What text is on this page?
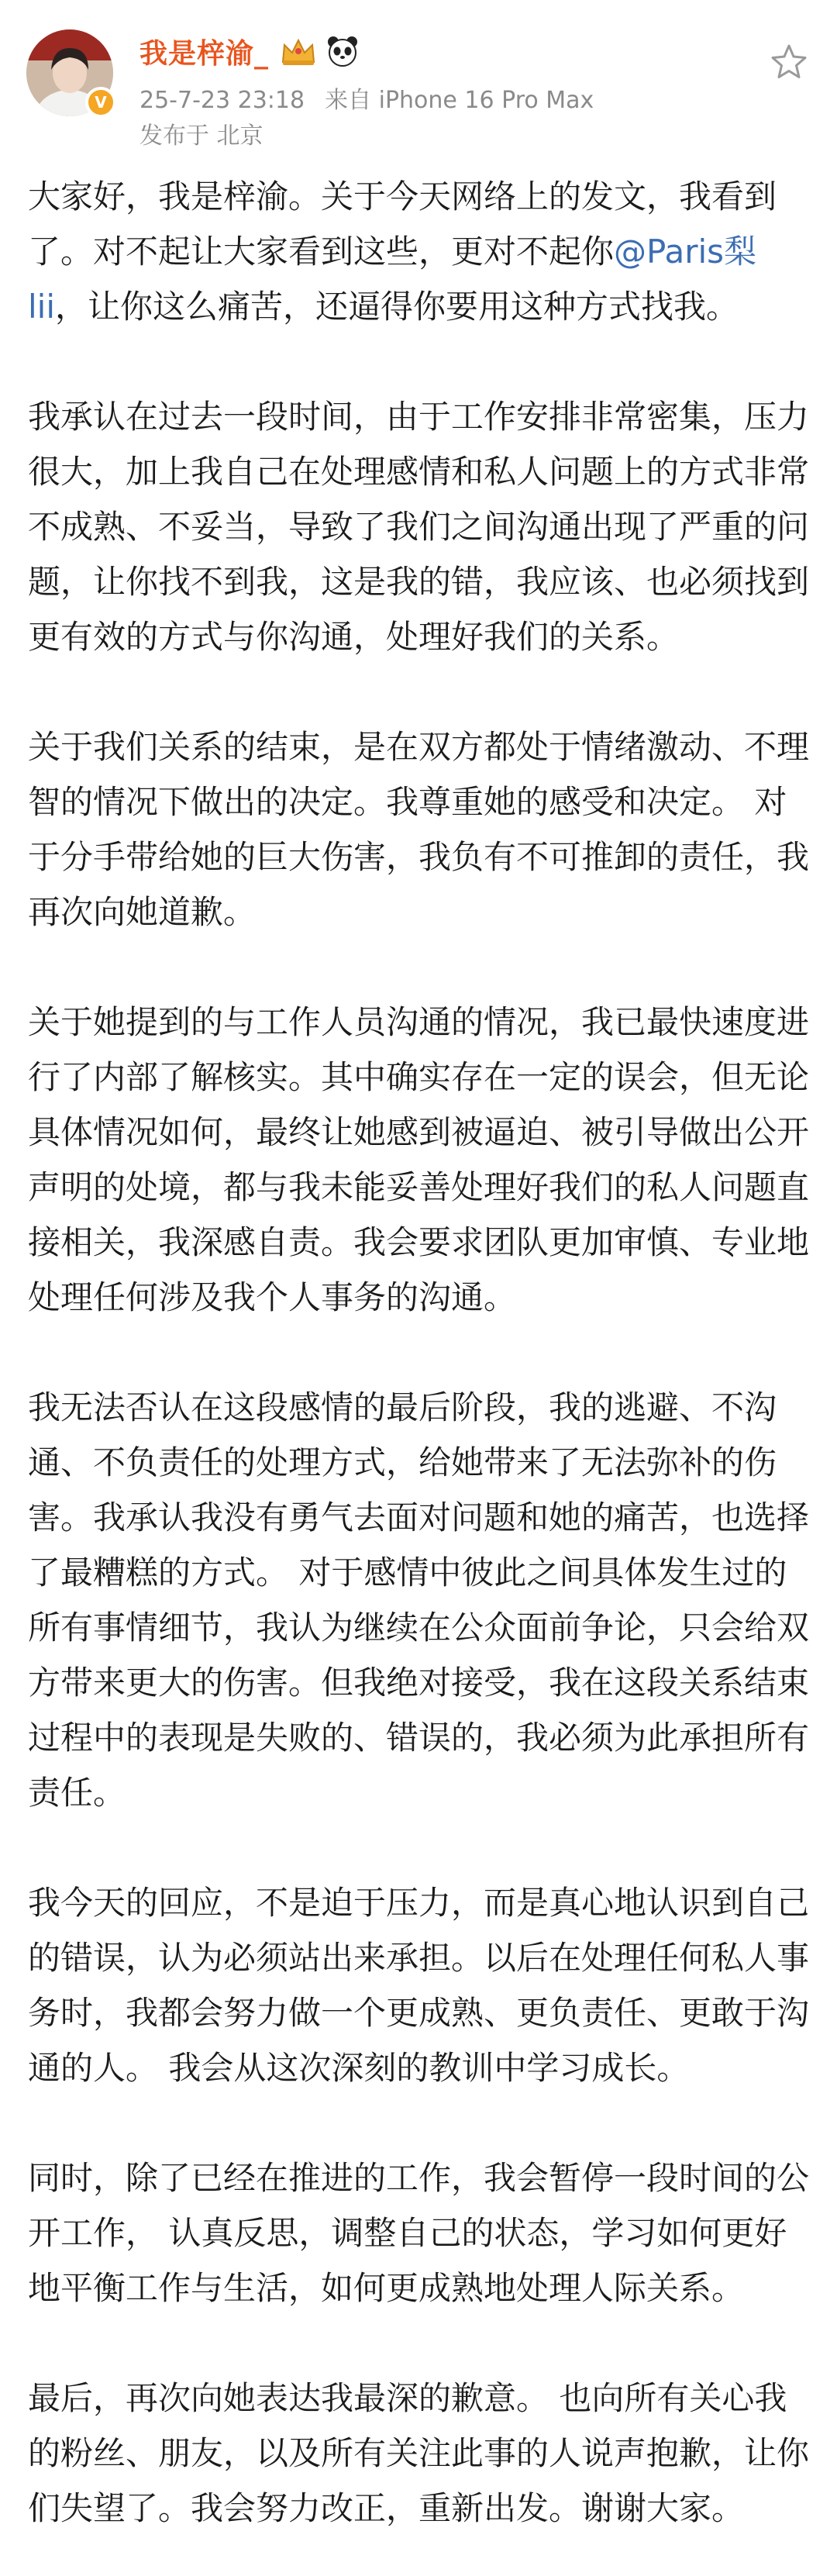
V
我是梓渝_
25-7-23 23:18 来自 iPhone 16 Pro Max
发布于 北京
大家好，我是梓渝。关于今天网络上的发文，我看到了。对不起让大家看到这些，更对不起你@Paris梨lii，让你这么痛苦，还逼得你要用这种方式找我。
我承认在过去一段时间，由于工作安排非常密集，压力很大，加上我自己在处理感情和私人问题上的方式非常不成熟、不妥当，导致了我们之间沟通出现了严重的问题，让你找不到我，这是我的错，我应该、也必须找到更有效的方式与你沟通，处理好我们的关系。
关于我们关系的结束，是在双方都处于情绪激动、不理智的情况下做出的决定。我尊重她的感受和决定。 对于分手带给她的巨大伤害，我负有不可推卸的责任，我再次向她道歉。
关于她提到的与工作人员沟通的情况，我已最快速度进行了内部了解核实。其中确实存在一定的误会，但无论具体情况如何，最终让她感到被逼迫、被引导做出公开声明的处境，都与我未能妥善处理好我们的私人问题直接相关，我深感自责。我会要求团队更加审慎、专业地处理任何涉及我个人事务的沟通。
我无法否认在这段感情的最后阶段，我的逃避、不沟通、不负责任的处理方式，给她带来了无法弥补的伤害。我承认我没有勇气去面对问题和她的痛苦，也选择了最糟糕的方式。 对于感情中彼此之间具体发生过的所有事情细节，我认为继续在公众面前争论，只会给双方带来更大的伤害。但我绝对接受，我在这段关系结束过程中的表现是失败的、错误的，我必须为此承担所有责任。
我今天的回应，不是迫于压力，而是真心地认识到自己的错误，认为必须站出来承担。以后在处理任何私人事务时，我都会努力做一个更成熟、更负责任、更敢于沟通的人。 我会从这次深刻的教训中学习成长。
同时，除了已经在推进的工作，我会暂停一段时间的公开工作， 认真反思，调整自己的状态，学习如何更好地平衡工作与生活，如何更成熟地处理人际关系。
最后，再次向她表达我最深的歉意。 也向所有关心我的粉丝、朋友，以及所有关注此事的人说声抱歉，让你们失望了。我会努力改正，重新出发。谢谢大家。
